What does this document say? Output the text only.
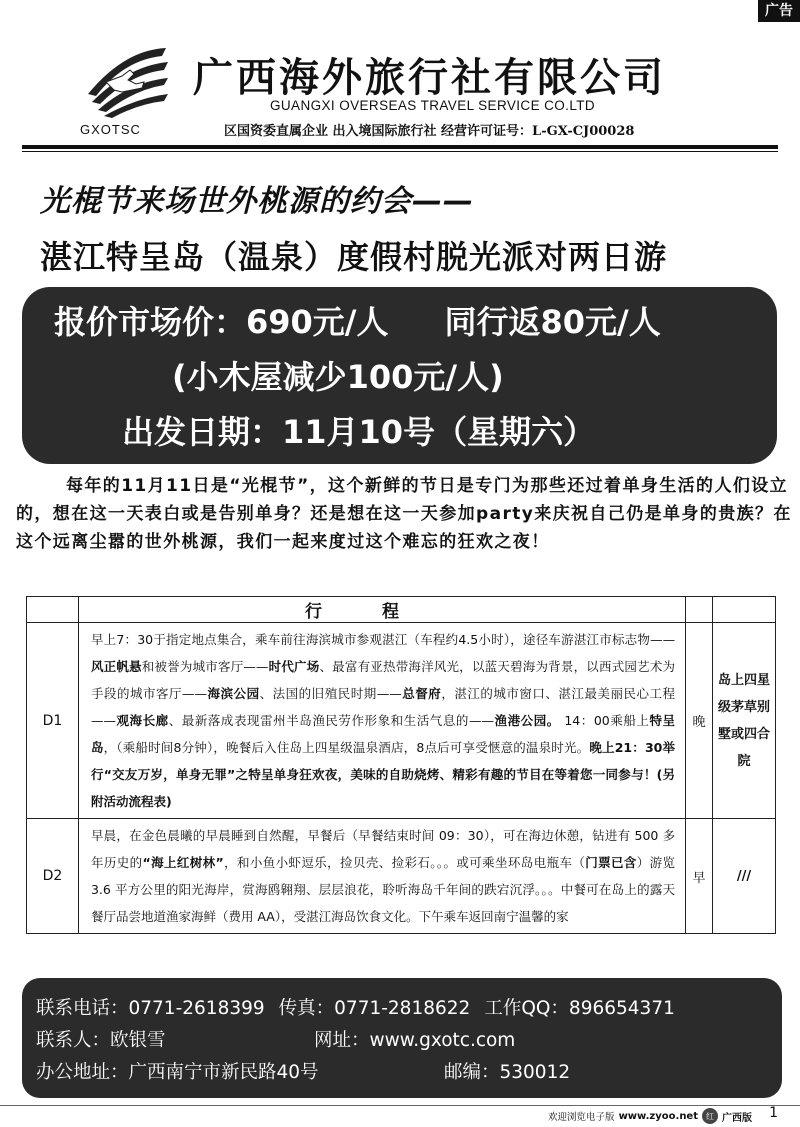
广告
GXOTSC
广西海外旅行社有限公司
GUANGXI OVERSEAS TRAVEL SERVICE CO.LTD
区国资委直属企业 出入境国际旅行社 经营许可证号：L-GX-CJ00028
光棍节来场世外桃源的约会——
湛江特呈岛（温泉）度假村脱光派对两日游
报价市场价：690元/人 同行返80元/人
(小木屋减少100元/人)
出发日期：11月10号（星期六）
每年的11月11日是“光棍节”，这个新鲜的节日是专门为那些还过着单身生活的人们设立的，想在这一天表白或是告别单身？还是想在这一天参加party来庆祝自己仍是单身的贵族？在这个远离尘嚣的世外桃源，我们一起来度过这个难忘的狂欢之夜！
	行程		
D1	早上7：30于指定地点集合，乘车前往海滨城市参观湛江（车程约4.5小时），途径车游湛江市标志物——风正帆悬和被誉为城市客厅——时代广场、最富有亚热带海洋风光，以蓝天碧海为背景，以西式园艺术为手段的城市客厅——海滨公园、法国的旧殖民时期——总督府，湛江的城市窗口、湛江最美丽民心工程——观海长廊、最新落成表现雷州半岛渔民劳作形象和生活气息的——渔港公园。 14：00乘船上特呈岛，（乘船时间8分钟），晚餐后入住岛上四星级温泉酒店，8点后可享受惬意的温泉时光。晚上21：30举行“交友万岁，单身无罪”之特呈单身狂欢夜，美味的自助烧烤、精彩有趣的节目在等着您一同参与！(另附活动流程表)	晚	岛上四星级茅草别墅或四合院
D2	早晨，在金色晨曦的早晨睡到自然醒，早餐后（早餐结束时间 09：30），可在海边休憩，钻进有 500 多年历史的“海上红树林”，和小鱼小虾逗乐，捡贝壳、捡彩石。。。或可乘坐环岛电瓶车（门票已含）游览 3.6 平方公里的阳光海岸，赏海鸥翱翔、层层浪花，聆听海岛千年间的跌宕沉浮。。。中餐可在岛上的露天餐厅品尝地道渔家海鲜（费用 AA），受湛江海岛饮食文化。下午乘车返回南宁温馨的家	早	///
联系电话：0771-2618399 传真：0771-2818622 工作QQ：896654371
联系人：欧银雪	网址：www.gxotc.com
办公地址：广西南宁市新民路40号	邮编：530012
欢迎浏览电子版 www.zyoo.net	红 广西版 1
